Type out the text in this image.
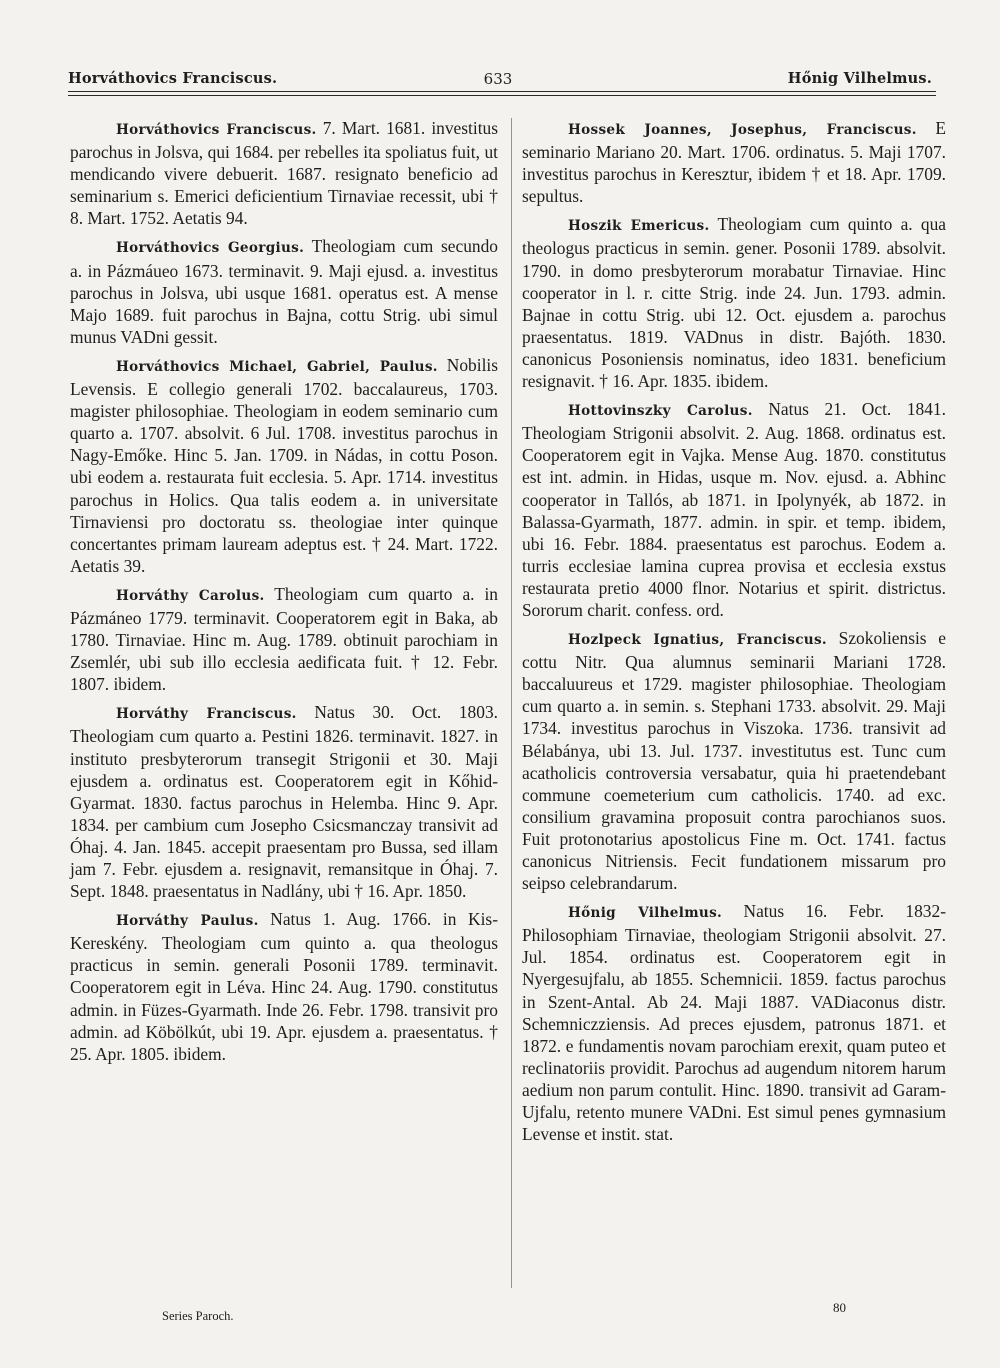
Horváthovics Franciscus.	633	Hőnig Vilhelmus.

Horváthovics Franciscus. 7. Mart. 1681. investitus parochus in Jolsva, qui 1684. per rebelles ita spoliatus fuit, ut mendicando vivere debuerit. 1687. resignato beneficio ad seminarium s. Emerici deficientium Tirnaviae recessit, ubi † 8. Mart. 1752. Aetatis 94.

Horváthovics Georgius. Theologiam cum secundo a. in Pázmáueo 1673. terminavit. 9. Maji ejusd. a. investitus parochus in Jolsva, ubi usque 1681. operatus est. A mense Majo 1689. fuit parochus in Bajna, cottu Strig. ubi simul munus VADni gessit.

Horváthovics Michael, Gabriel, Paulus. Nobilis Levensis. E collegio generali 1702. baccalaureus, 1703. magister philosophiae. Theologiam in eodem seminario cum quarto a. 1707. absolvit. 6 Jul. 1708. investitus parochus in Nagy-Emőke. Hinc 5. Jan. 1709. in Nádas, in cottu Poson. ubi eodem a. restaurata fuit ecclesia. 5. Apr. 1714. investitus parochus in Holics. Qua talis eodem a. in universitate Tirnaviensi pro doctoratu ss. theologiae inter quinque concertantes primam lauream adeptus est. † 24. Mart. 1722. Aetatis 39.

Horváthy Carolus. Theologiam cum quarto a. in Pázmáneo 1779. terminavit. Cooperatorem egit in Baka, ab 1780. Tirnaviae. Hinc m. Aug. 1789. obtinuit parochiam in Zsemlér, ubi sub illo ecclesia aedificata fuit. † 12. Febr. 1807. ibidem.

Horváthy Franciscus. Natus 30. Oct. 1803. Theologiam cum quarto a. Pestini 1826. terminavit. 1827. in instituto presbyterorum transegit Strigonii et 30. Maji ejusdem a. ordinatus est. Cooperatorem egit in Kőhid-Gyarmat. 1830. factus parochus in Helemba. Hinc 9. Apr. 1834. per cambium cum Josepho Csicsmanczay transivit ad Óhaj. 4. Jan. 1845. accepit praesentam pro Bussa, sed illam jam 7. Febr. ejusdem a. resignavit, remansitque in Óhaj. 7. Sept. 1848. praesentatus in Nadlány, ubi † 16. Apr. 1850.

Horváthy Paulus. Natus 1. Aug. 1766. in Kis-Kereskény. Theologiam cum quinto a. qua theologus practicus in semin. generali Posonii 1789. terminavit. Cooperatorem egit in Léva. Hinc 24. Aug. 1790. constitutus admin. in Füzes-Gyarmath. Inde 26. Febr. 1798. transivit pro admin. ad Köbölkút, ubi 19. Apr. ejusdem a. praesentatus. † 25. Apr. 1805. ibidem.

Hossek Joannes, Josephus, Franciscus. E seminario Mariano 20. Mart. 1706. ordinatus. 5. Maji 1707. investitus parochus in Keresztur, ibidem † et 18. Apr. 1709. sepultus.

Hoszik Emericus. Theologiam cum quinto a. qua theologus practicus in semin. gener. Posonii 1789. absolvit. 1790. in domo presbyterorum morabatur Tirnaviae. Hinc cooperator in l. r. citte Strig. inde 24. Jun. 1793. admin. Bajnae in cottu Strig. ubi 12. Oct. ejusdem a. parochus praesentatus. 1819. VADnus in distr. Bajóth. 1830. canonicus Posoniensis nominatus, ideo 1831. beneficium resignavit. † 16. Apr. 1835. ibidem.

Hottovinszky Carolus. Natus 21. Oct. 1841. Theologiam Strigonii absolvit. 2. Aug. 1868. ordinatus est. Cooperatorem egit in Vajka. Mense Aug. 1870. constitutus est int. admin. in Hidas, usque m. Nov. ejusd. a. Abhinc cooperator in Tallós, ab 1871. in Ipolynyék, ab 1872. in Balassa-Gyarmath, 1877. admin. in spir. et temp. ibidem, ubi 16. Febr. 1884. praesentatus est parochus. Eodem a. turris ecclesiae lamina cuprea provisa et ecclesia exstus restaurata pretio 4000 flnor. Notarius et spirit. districtus. Sororum charit. confess. ord.

Hozlpeck Ignatius, Franciscus. Szokoliensis e cottu Nitr. Qua alumnus seminarii Mariani 1728. baccaluureus et 1729. magister philosophiae. Theologiam cum quarto a. in semin. s. Stephani 1733. absolvit. 29. Maji 1734. investitus parochus in Viszoka. 1736. transivit ad Bélabánya, ubi 13. Jul. 1737. investitutus est. Tunc cum acatholicis controversia versabatur, quia hi praetendebant commune coemeterium cum catholicis. 1740. ad exc. consilium gravamina proposuit contra parochianos suos. Fuit protonotarius apostolicus Fine m. Oct. 1741. factus canonicus Nitriensis. Fecit fundationem missarum pro seipso celebrandarum.

Hőnig Vilhelmus. Natus 16. Febr. 1832- Philosophiam Tirnaviae, theologiam Strigonii absolvit. 27. Jul. 1854. ordinatus est. Cooperatorem egit in Nyergesujfalu, ab 1855. Schemnicii. 1859. factus parochus in Szent-Antal. Ab 24. Maji 1887. VADiaconus distr. Schemniczziensis. Ad preces ejusdem, patronus 1871. et 1872. e fundamentis novam parochiam erexit, quam puteo et reclinatoriis providit. Parochus ad augendum nitorem harum aedium non parum contulit. Hinc. 1890. transivit ad Garam-Ujfalu, retento munere VADni. Est simul penes gymnasium Levense et instit. stat.

Series Paroch.
80
